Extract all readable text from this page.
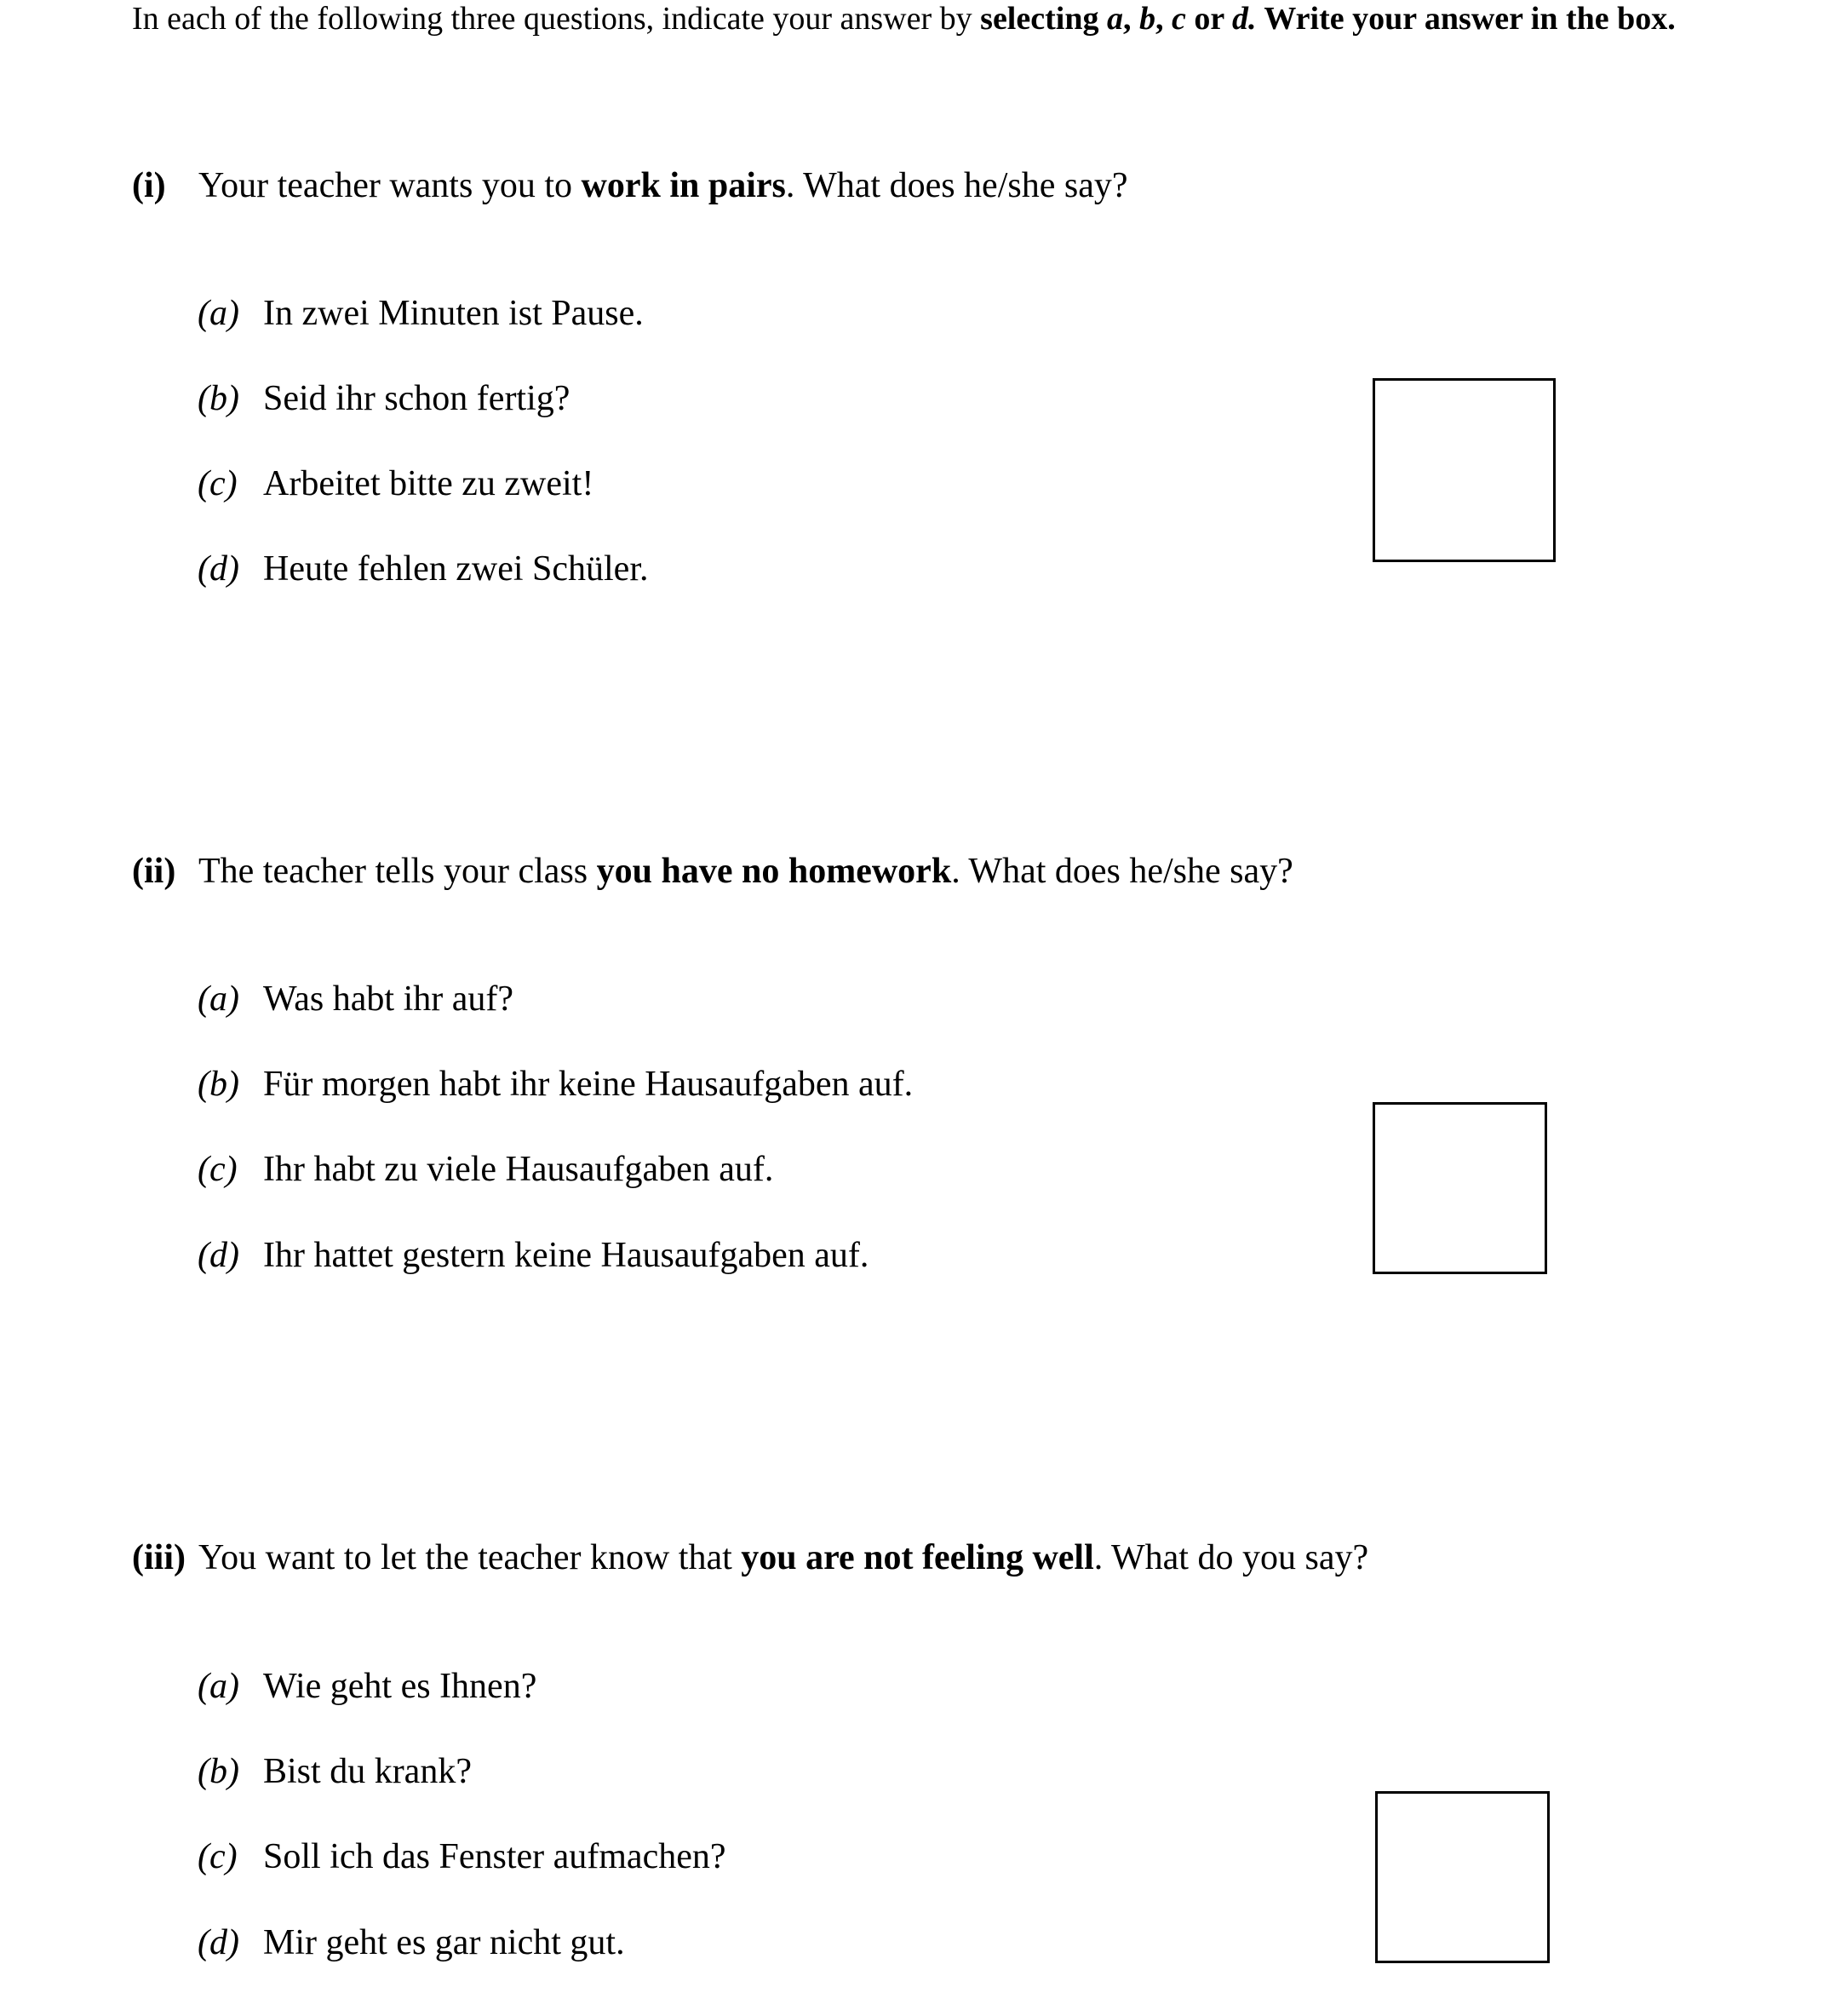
In each of the following three questions, indicate your answer by selecting a, b, c or d. Write your answer in the box.
(i) Your teacher wants you to work in pairs. What does he/she say?
(a) In zwei Minuten ist Pause.
(b) Seid ihr schon fertig?
(c) Arbeitet bitte zu zweit!
(d) Heute fehlen zwei Schüler.
(ii) The teacher tells your class you have no homework. What does he/she say?
(a) Was habt ihr auf?
(b) Für morgen habt ihr keine Hausaufgaben auf.
(c) Ihr habt zu viele Hausaufgaben auf.
(d) Ihr hattet gestern keine Hausaufgaben auf.
(iii) You want to let the teacher know that you are not feeling well. What do you say?
(a) Wie geht es Ihnen?
(b) Bist du krank?
(c) Soll ich das Fenster aufmachen?
(d) Mir geht es gar nicht gut.
